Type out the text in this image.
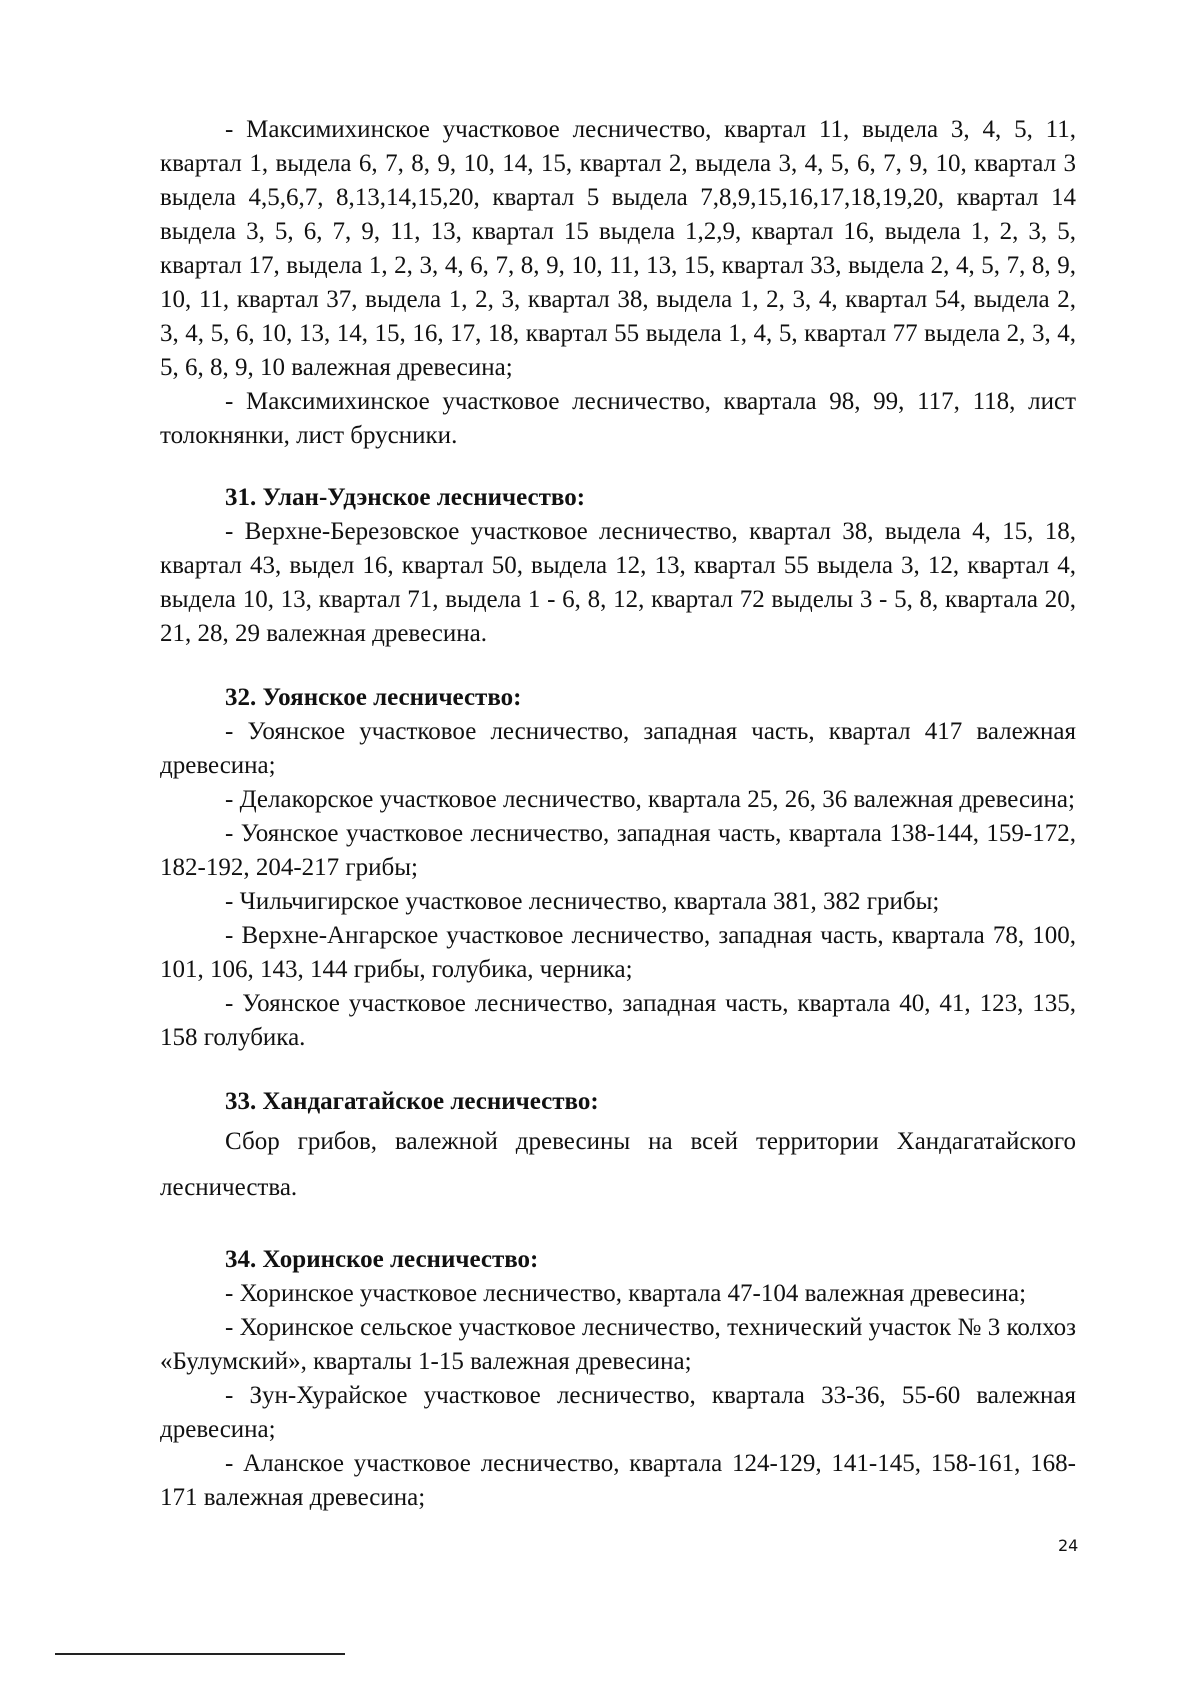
- Максимихинское участковое лесничество, квартал 11, выдела 3, 4, 5, 11, квартал 1, выдела 6, 7, 8, 9, 10, 14, 15, квартал 2, выдела 3, 4, 5, 6, 7, 9, 10, квартал 3 выдела 4,5,6,7, 8,13,14,15,20, квартал 5 выдела 7,8,9,15,16,17,18,19,20, квартал 14 выдела 3, 5, 6, 7, 9, 11, 13, квартал 15 выдела 1,2,9, квартал 16, выдела 1, 2, 3, 5, квартал 17, выдела 1, 2, 3, 4, 6, 7, 8, 9, 10, 11, 13, 15, квартал 33, выдела 2, 4, 5, 7, 8, 9, 10, 11, квартал 37, выдела 1, 2, 3, квартал 38, выдела 1, 2, 3, 4, квартал 54, выдела 2, 3, 4, 5, 6, 10, 13, 14, 15, 16, 17, 18, квартал 55 выдела 1, 4, 5, квартал 77 выдела 2, 3, 4, 5, 6, 8, 9, 10 валежная древесина;

- Максимихинское участковое лесничество, квартала 98, 99, 117, 118, лист толокнянки, лист брусники.

31. Улан-Удэнское лесничество:

- Верхне-Березовское участковое лесничество, квартал 38, выдела 4, 15, 18, квартал 43, выдел 16, квартал 50, выдела 12, 13, квартал 55 выдела 3, 12, квартал 4, выдела 10, 13, квартал 71, выдела 1 - 6, 8, 12, квартал 72 выделы 3 - 5, 8, квартала 20, 21, 28, 29 валежная древесина.

32. Уоянское лесничество:

- Уоянское участковое лесничество, западная часть, квартал 417 валежная древесина;

- Делакорское участковое лесничество, квартала 25, 26, 36 валежная древесина;

- Уоянское участковое лесничество, западная часть, квартала 138-144, 159-172, 182-192, 204-217 грибы;

- Чильчигирское участковое лесничество, квартала 381, 382 грибы;

- Верхне-Ангарское участковое лесничество, западная часть, квартала 78, 100, 101, 106, 143, 144 грибы, голубика, черника;

- Уоянское участковое лесничество, западная часть, квартала 40, 41, 123, 135, 158 голубика.

33. Хандагатайское лесничество:

Сбор грибов, валежной древесины на всей территории Хандагатайского лесничества.

34. Хоринское лесничество:

- Хоринское участковое лесничество, квартала 47-104 валежная древесина;

- Хоринское сельское участковое лесничество, технический участок № 3 колхоз «Булумский», кварталы 1-15 валежная древесина;

- Зун-Хурайское участковое лесничество, квартала 33-36, 55-60 валежная древесина;

- Аланское участковое лесничество, квартала 124-129, 141-145, 158-161, 168-171 валежная древесина;

24
